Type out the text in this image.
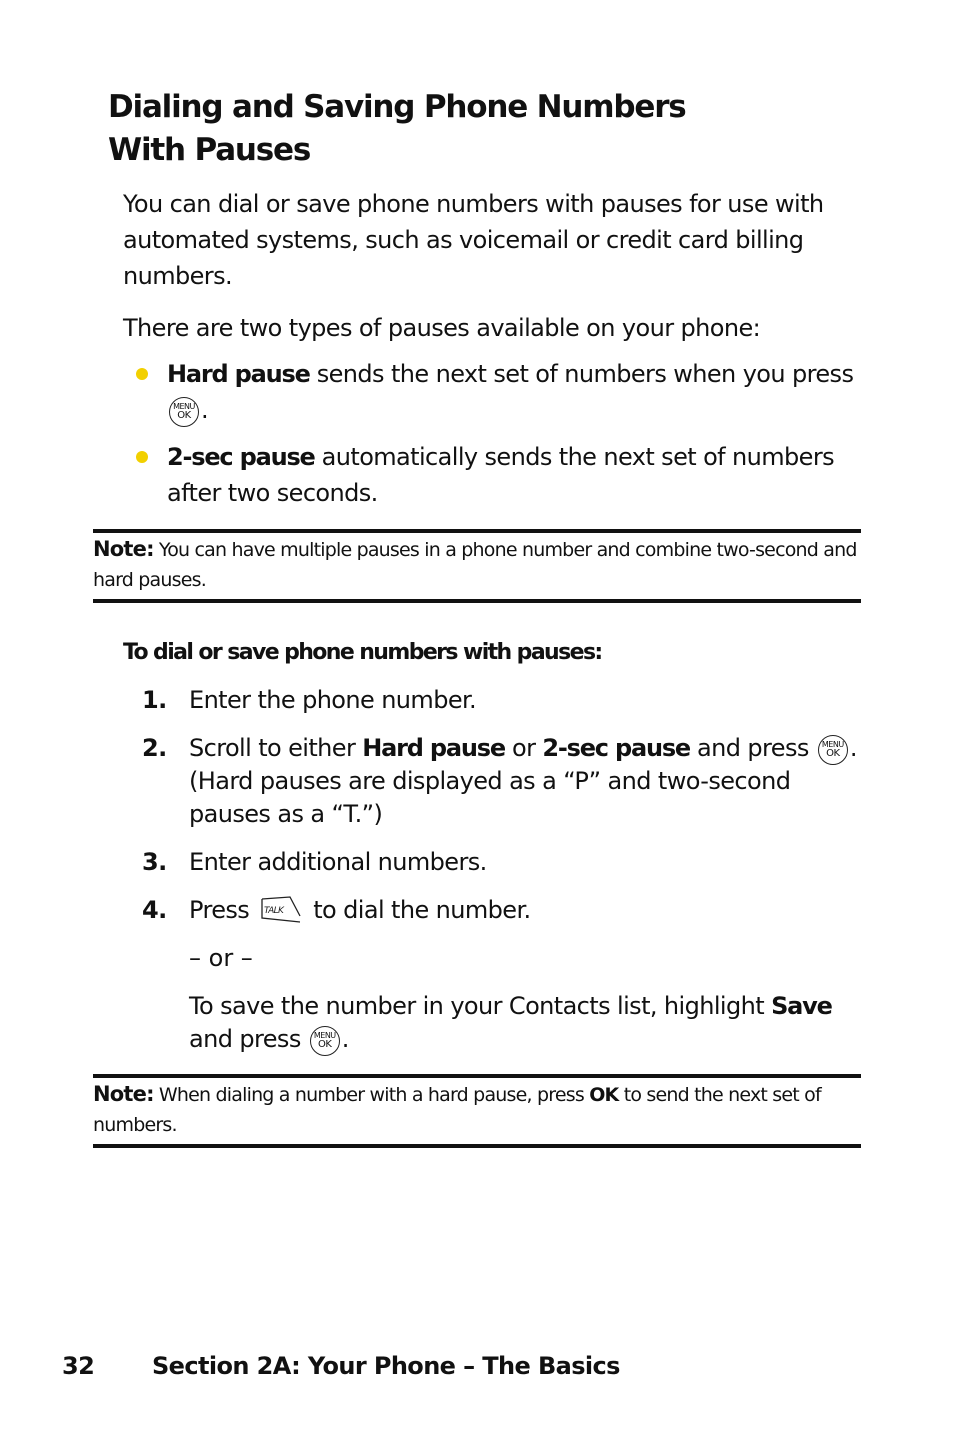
Dialing and Saving Phone Numbers
With Pauses

You can dial or save phone numbers with pauses for use with automated systems, such as voicemail or credit card billing numbers.

There are two types of pauses available on your phone:

Hard pause sends the next set of numbers when you press

MENU
OK .
2-sec pause automatically sends the next set of numbers after two seconds.
Note: You can have multiple pauses in a phone number and combine two-second and hard pauses.
To dial or save phone numbers with pauses:
1. Enter the phone number.
2. Scroll to either Hard pause or 2-sec pause and press MENU
OK . (Hard pauses are displayed as a “P” and two-second pauses as a “T.”)
3. Enter additional numbers.
4. Press TALK to dial the number.
– or –
To save the number in your Contacts list, highlight Save and press MENU
OK .
Note: When dialing a number with a hard pause, press OK to send the next set of numbers.
32 Section 2A: Your Phone – The Basics
